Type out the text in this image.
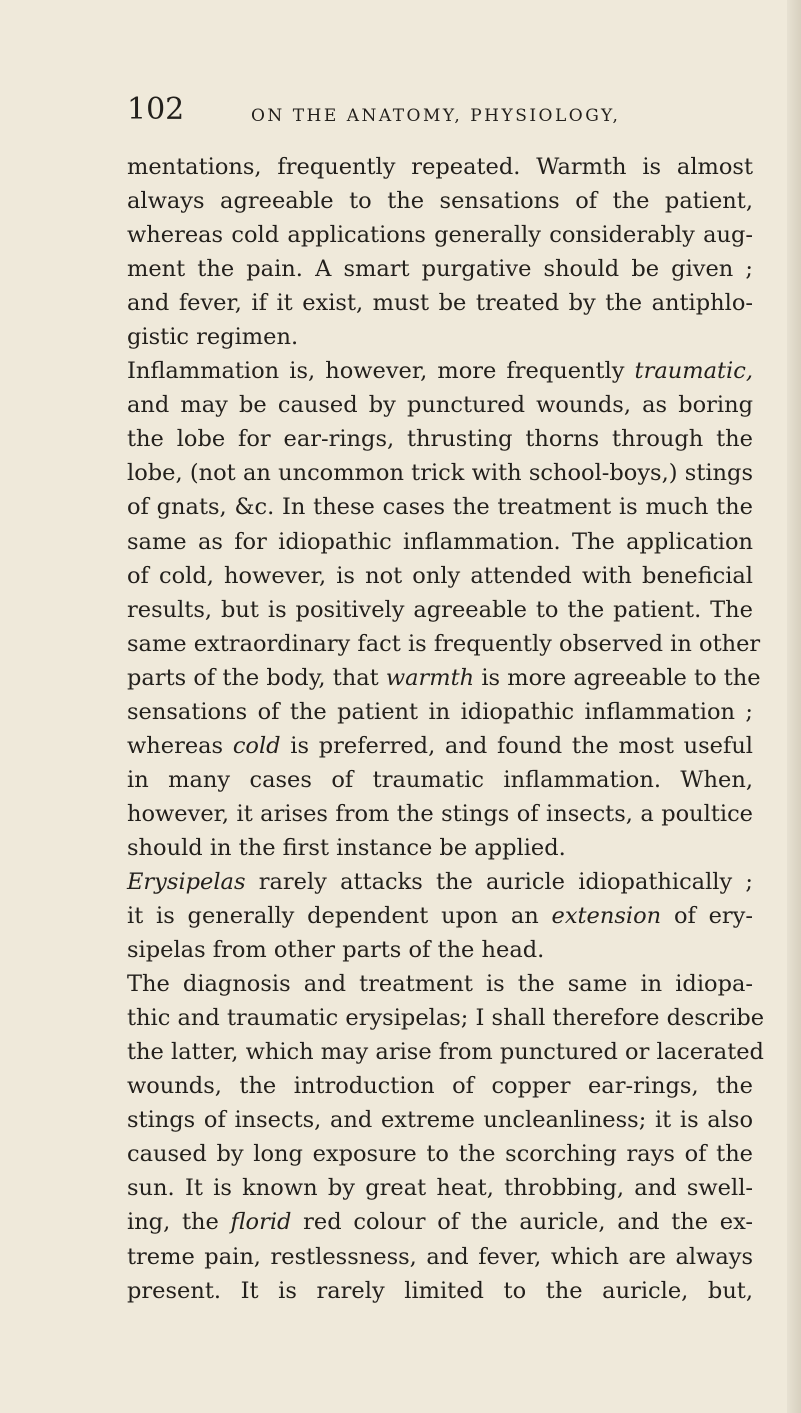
102	ON THE ANATOMY, PHYSIOLOGY,
mentations, frequently repeated. Warmth is almost
always agreeable to the sensations of the patient,
whereas cold applications generally considerably aug-
ment the pain. A smart purgative should be given ;
and fever, if it exist, must be treated by the antiphlo-
gistic regimen.
Inflammation is, however, more frequently traumatic,
and may be caused by punctured wounds, as boring
the lobe for ear-rings, thrusting thorns through the
lobe, (not an uncommon trick with school-boys,) stings
of gnats, &c. In these cases the treatment is much the
same as for idiopathic inflammation. The application
of cold, however, is not only attended with beneficial
results, but is positively agreeable to the patient. The
same extraordinary fact is frequently observed in other
parts of the body, that warmth is more agreeable to the
sensations of the patient in idiopathic inflammation ;
whereas cold is preferred, and found the most useful
in many cases of traumatic inflammation. When,
however, it arises from the stings of insects, a poultice
should in the first instance be applied.
Erysipelas rarely attacks the auricle idiopathically ;
it is generally dependent upon an extension of ery-
sipelas from other parts of the head.
The diagnosis and treatment is the same in idiopa-
thic and traumatic erysipelas; I shall therefore describe
the latter, which may arise from punctured or lacerated
wounds, the introduction of copper ear-rings, the
stings of insects, and extreme uncleanliness; it is also
caused by long exposure to the scorching rays of the
sun. It is known by great heat, throbbing, and swell-
ing, the florid red colour of the auricle, and the ex-
treme pain, restlessness, and fever, which are always
present. It is rarely limited to the auricle, but,
